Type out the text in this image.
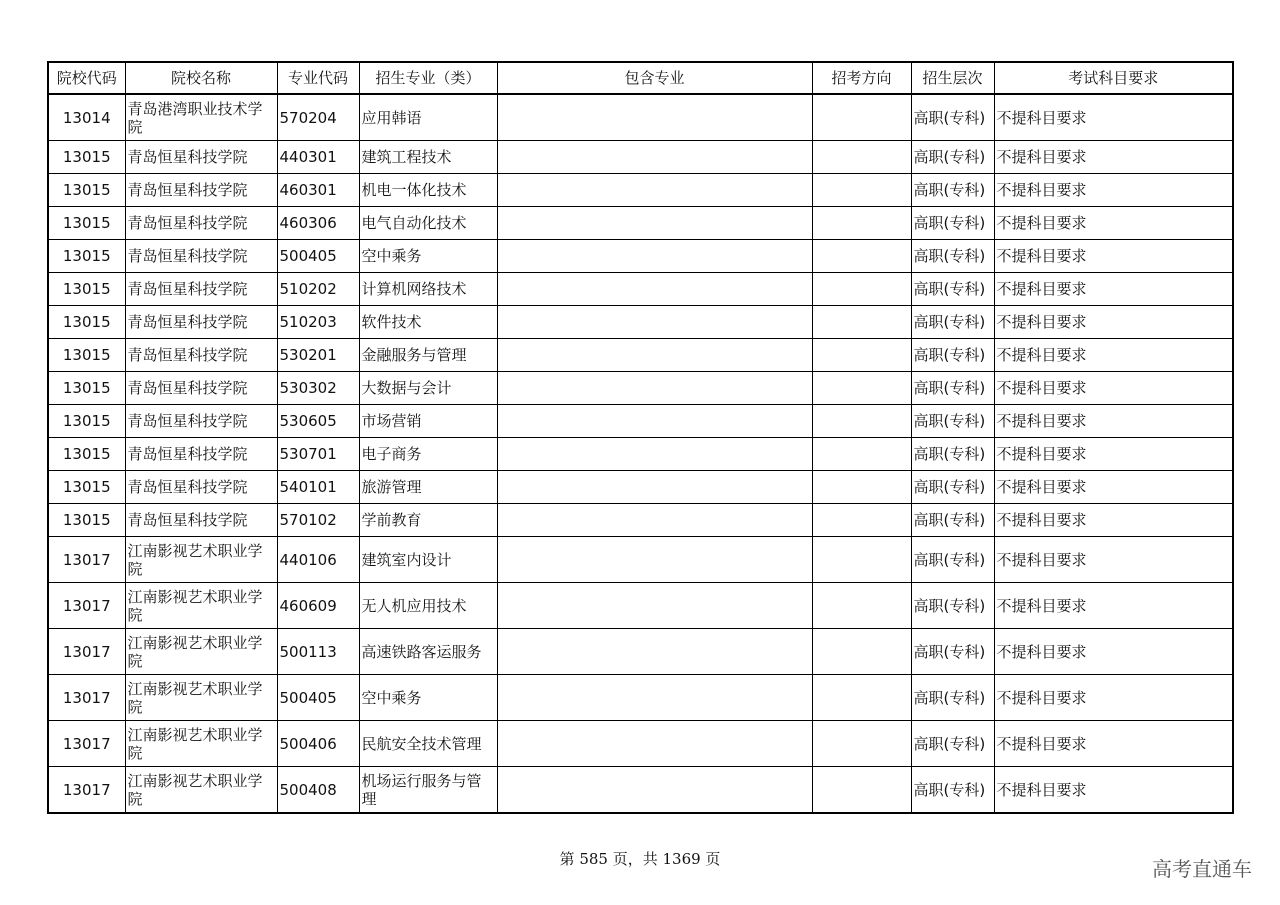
院校代码	院校名称	专业代码	招生专业（类）	包含专业	招考方向	招生层次	考试科目要求
13014	青岛港湾职业技术学院	570204	应用韩语			高职(专科)	不提科目要求
13015	青岛恒星科技学院	440301	建筑工程技术			高职(专科)	不提科目要求
13015	青岛恒星科技学院	460301	机电一体化技术			高职(专科)	不提科目要求
13015	青岛恒星科技学院	460306	电气自动化技术			高职(专科)	不提科目要求
13015	青岛恒星科技学院	500405	空中乘务			高职(专科)	不提科目要求
13015	青岛恒星科技学院	510202	计算机网络技术			高职(专科)	不提科目要求
13015	青岛恒星科技学院	510203	软件技术			高职(专科)	不提科目要求
13015	青岛恒星科技学院	530201	金融服务与管理			高职(专科)	不提科目要求
13015	青岛恒星科技学院	530302	大数据与会计			高职(专科)	不提科目要求
13015	青岛恒星科技学院	530605	市场营销			高职(专科)	不提科目要求
13015	青岛恒星科技学院	530701	电子商务			高职(专科)	不提科目要求
13015	青岛恒星科技学院	540101	旅游管理			高职(专科)	不提科目要求
13015	青岛恒星科技学院	570102	学前教育			高职(专科)	不提科目要求
13017	江南影视艺术职业学院	440106	建筑室内设计			高职(专科)	不提科目要求
13017	江南影视艺术职业学院	460609	无人机应用技术			高职(专科)	不提科目要求
13017	江南影视艺术职业学院	500113	高速铁路客运服务			高职(专科)	不提科目要求
13017	江南影视艺术职业学院	500405	空中乘务			高职(专科)	不提科目要求
13017	江南影视艺术职业学院	500406	民航安全技术管理			高职(专科)	不提科目要求
13017	江南影视艺术职业学院	500408	机场运行服务与管理			高职(专科)	不提科目要求
第 585 页，共 1369 页	高考直通车
